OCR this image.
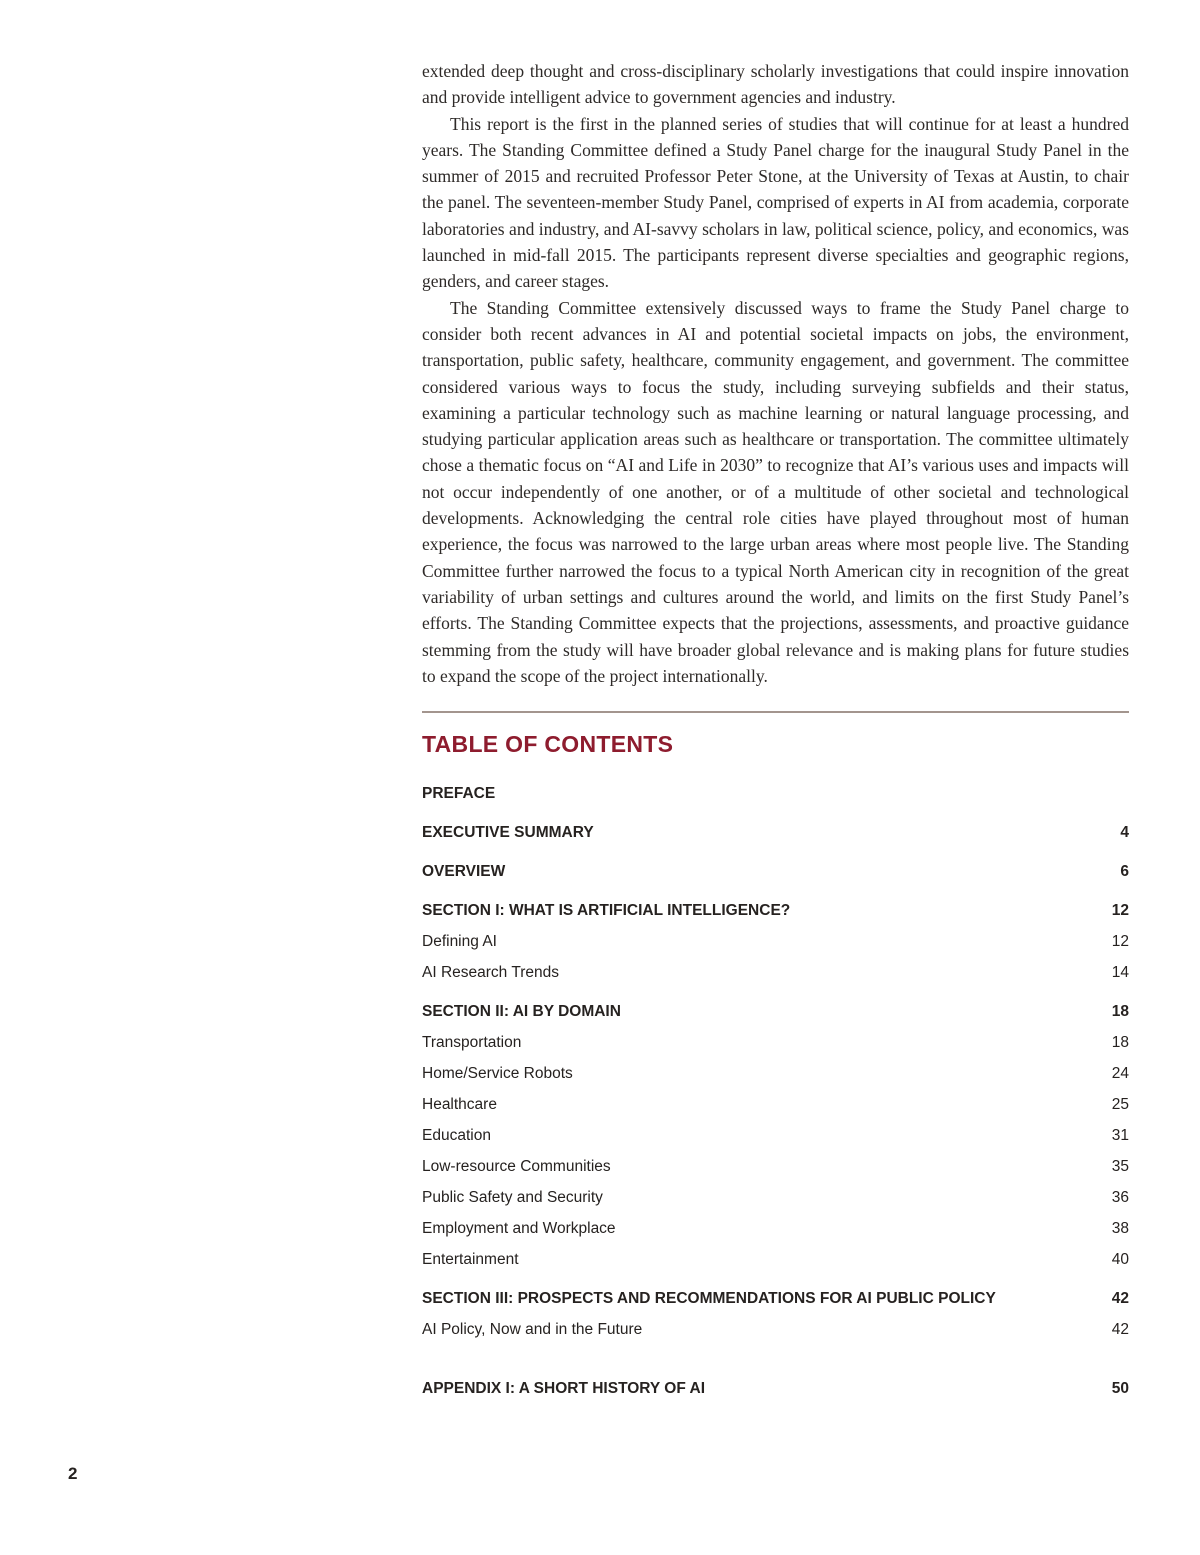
extended deep thought and cross-disciplinary scholarly investigations that could inspire innovation and provide intelligent advice to government agencies and industry.

This report is the first in the planned series of studies that will continue for at least a hundred years. The Standing Committee defined a Study Panel charge for the inaugural Study Panel in the summer of 2015 and recruited Professor Peter Stone, at the University of Texas at Austin, to chair the panel. The seventeen-member Study Panel, comprised of experts in AI from academia, corporate laboratories and industry, and AI-savvy scholars in law, political science, policy, and economics, was launched in mid-fall 2015. The participants represent diverse specialties and geographic regions, genders, and career stages.

The Standing Committee extensively discussed ways to frame the Study Panel charge to consider both recent advances in AI and potential societal impacts on jobs, the environment, transportation, public safety, healthcare, community engagement, and government. The committee considered various ways to focus the study, including surveying subfields and their status, examining a particular technology such as machine learning or natural language processing, and studying particular application areas such as healthcare or transportation. The committee ultimately chose a thematic focus on “AI and Life in 2030” to recognize that AI’s various uses and impacts will not occur independently of one another, or of a multitude of other societal and technological developments. Acknowledging the central role cities have played throughout most of human experience, the focus was narrowed to the large urban areas where most people live. The Standing Committee further narrowed the focus to a typical North American city in recognition of the great variability of urban settings and cultures around the world, and limits on the first Study Panel’s efforts. The Standing Committee expects that the projections, assessments, and proactive guidance stemming from the study will have broader global relevance and is making plans for future studies to expand the scope of the project internationally.

TABLE OF CONTENTS
PREFACE
EXECUTIVE SUMMARY	4
OVERVIEW	6
SECTION I: WHAT IS ARTIFICIAL INTELLIGENCE?	12
Defining AI	12
AI Research Trends	14
SECTION II: AI BY DOMAIN	18
Transportation	18
Home/Service Robots	24
Healthcare	25
Education	31
Low-resource Communities	35
Public Safety and Security	36
Employment and Workplace	38
Entertainment	40
SECTION III: PROSPECTS AND RECOMMENDATIONS FOR AI PUBLIC POLICY	42
AI Policy, Now and in the Future	42
APPENDIX I: A SHORT HISTORY OF AI	50
2
